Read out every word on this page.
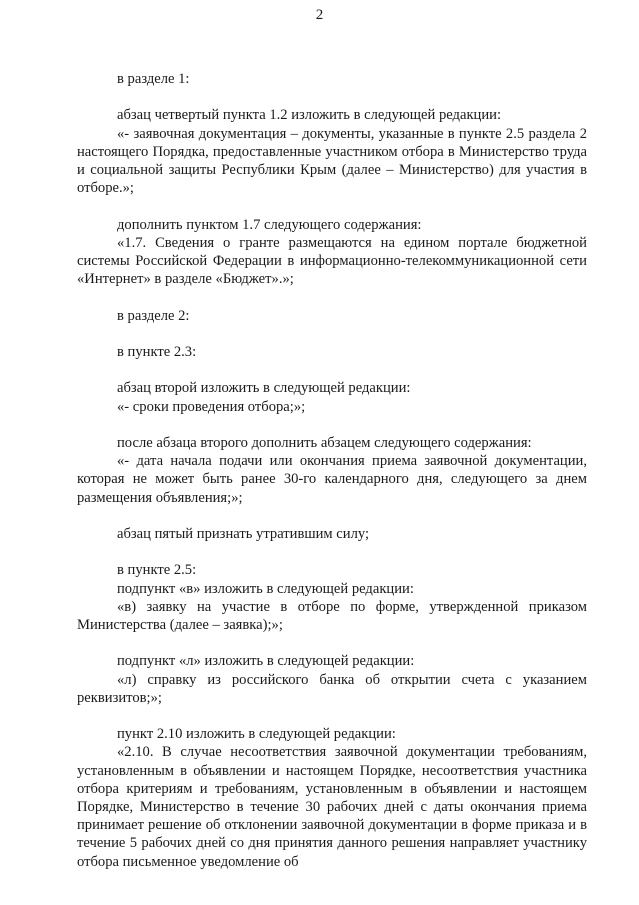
2

в разделе 1:

абзац четвертый пункта 1.2 изложить в следующей редакции:

«- заявочная документация – документы, указанные в пункте 2.5 раздела 2 настоящего Порядка, предоставленные участником отбора в Министерство труда и социальной защиты Республики Крым (далее – Министерство) для участия в отборе.»;

дополнить пунктом 1.7 следующего содержания:

«1.7. Сведения о гранте размещаются на едином портале бюджетной системы Российской Федерации в информационно-телекоммуникационной сети «Интернет» в разделе «Бюджет».»;

в разделе 2:

в пункте 2.3:

абзац второй изложить в следующей редакции:

«- сроки проведения отбора;»;

после абзаца второго дополнить абзацем следующего содержания:

«- дата начала подачи или окончания приема заявочной документации, которая не может быть ранее 30-го календарного дня, следующего за днем размещения объявления;»;

абзац пятый признать утратившим силу;

в пункте 2.5:

подпункт «в» изложить в следующей редакции:

«в) заявку на участие в отборе по форме, утвержденной приказом Министерства (далее – заявка);»;

подпункт «л» изложить в следующей редакции:

«л) справку из российского банка об открытии счета с указанием реквизитов;»;

пункт 2.10 изложить в следующей редакции:

«2.10. В случае несоответствия заявочной документации требованиям, установленным в объявлении и настоящем Порядке, несоответствия участника отбора критериям и требованиям, установленным в объявлении и настоящем Порядке, Министерство в течение 30 рабочих дней с даты окончания приема принимает решение об отклонении заявочной документации в форме приказа и в течение 5 рабочих дней со дня принятия данного решения направляет участнику отбора письменное уведомление об
